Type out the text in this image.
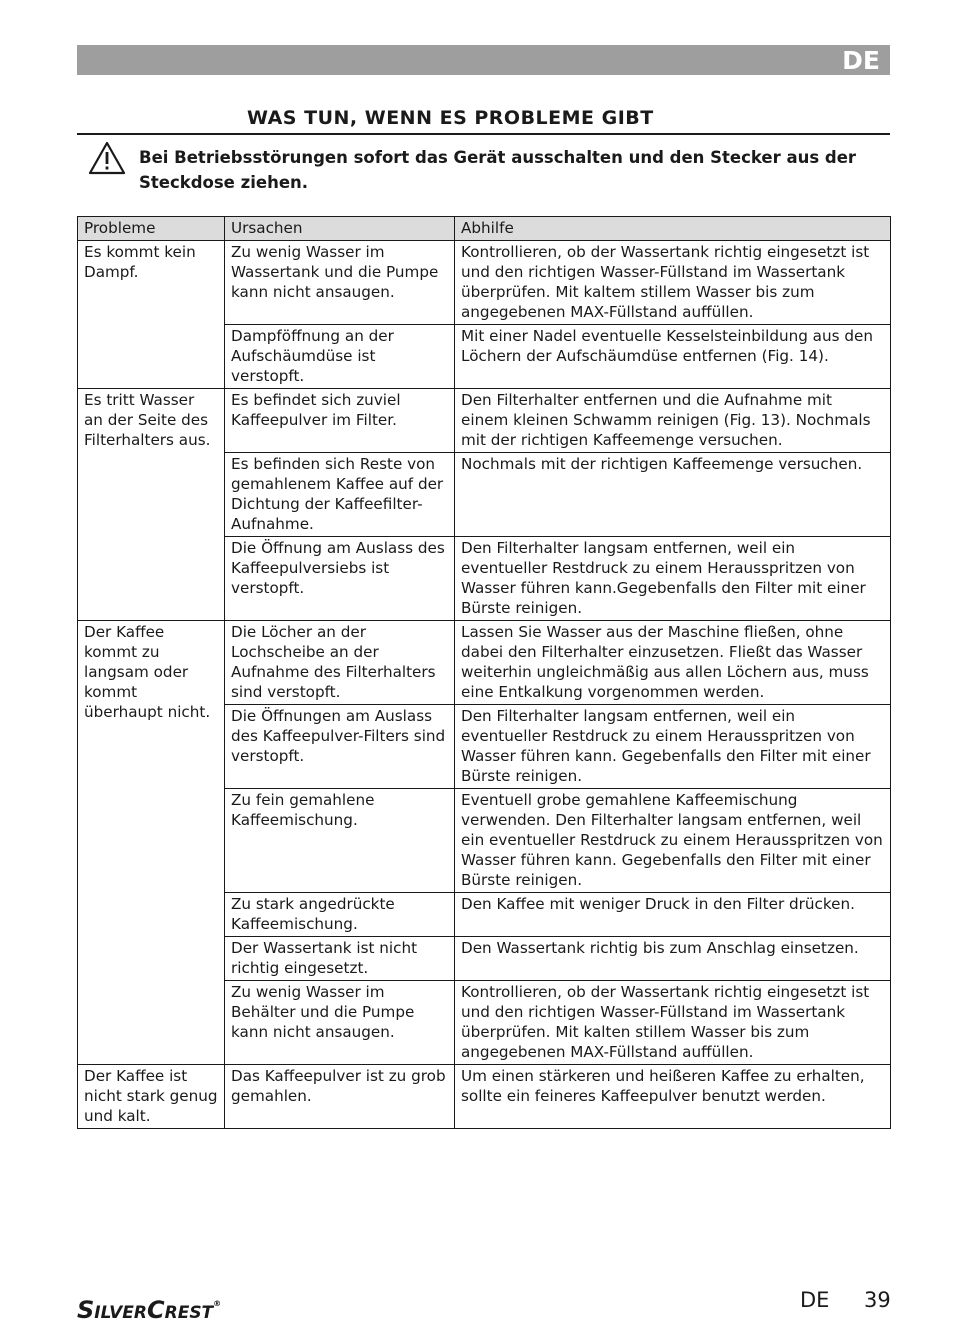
DE
WAS TUN, WENN ES PROBLEME GIBT
Bei Betriebsstörungen sofort das Gerät ausschalten und den Stecker aus der Steckdose ziehen.
Probleme	Ursachen	Abhilfe
Es kommt kein Dampf.	Zu wenig Wasser im Wassertank und die Pumpe kann nicht ansaugen.	Kontrollieren, ob der Wassertank richtig eingesetzt ist und den richtigen Wasser-Füllstand im Wassertank überprüfen. Mit kaltem stillem Wasser bis zum angegebenen MAX-Füllstand auffüllen.
	Dampföffnung an der Aufschäumdüse ist verstopft.	Mit einer Nadel eventuelle Kesselsteinbildung aus den Löchern der Aufschäumdüse entfernen (Fig. 14).
Es tritt Wasser an der Seite des Filterhalters aus.	Es befindet sich zuviel Kaffeepulver im Filter.	Den Filterhalter entfernen und die Aufnahme mit einem kleinen Schwamm reinigen (Fig. 13). Nochmals mit der richtigen Kaffeemenge versuchen.
	Es befinden sich Reste von gemahlenem Kaffee auf der Dichtung der Kaffeefilter-Aufnahme.	Nochmals mit der richtigen Kaffeemenge versuchen.
	Die Öffnung am Auslass des Kaffeepulversiebs ist verstopft.	Den Filterhalter langsam entfernen, weil ein eventueller Restdruck zu einem Herausspritzen von Wasser führen kann.Gegebenfalls den Filter mit einer Bürste reinigen.
Der Kaffee kommt zu langsam oder kommt überhaupt nicht.	Die Löcher an der Lochscheibe an der Aufnahme des Filterhalters sind verstopft.	Lassen Sie Wasser aus der Maschine fließen, ohne dabei den Filterhalter einzusetzen. Fließt das Wasser weiterhin ungleichmäßig aus allen Löchern aus, muss eine Entkalkung vorgenommen werden.
	Die Öffnungen am Auslass des Kaffeepulver-Filters sind verstopft.	Den Filterhalter langsam entfernen, weil ein eventueller Restdruck zu einem Herausspritzen von Wasser führen kann. Gegebenfalls den Filter mit einer Bürste reinigen.
	Zu fein gemahlene Kaffeemischung.	Eventuell grobe gemahlene Kaffeemischung verwenden. Den Filterhalter langsam entfernen, weil ein eventueller Restdruck zu einem Herausspritzen von Wasser führen kann. Gegebenfalls den Filter mit einer Bürste reinigen.
	Zu stark angedrückte Kaffeemischung.	Den Kaffee mit weniger Druck in den Filter drücken.
	Der Wassertank ist nicht richtig eingesetzt.	Den Wassertank richtig bis zum Anschlag einsetzen.
	Zu wenig Wasser im Behälter und die Pumpe kann nicht ansaugen.	Kontrollieren, ob der Wassertank richtig eingesetzt ist und den richtigen Wasser-Füllstand im Wassertank überprüfen. Mit kalten stillem Wasser bis zum angegebenen MAX-Füllstand auffüllen.
Der Kaffee ist nicht stark genug und kalt.	Das Kaffeepulver ist zu grob gemahlen.	Um einen stärkeren und heißeren Kaffee zu erhalten, sollte ein feineres Kaffeepulver benutzt werden.
SILVERCREST®	DE 39
